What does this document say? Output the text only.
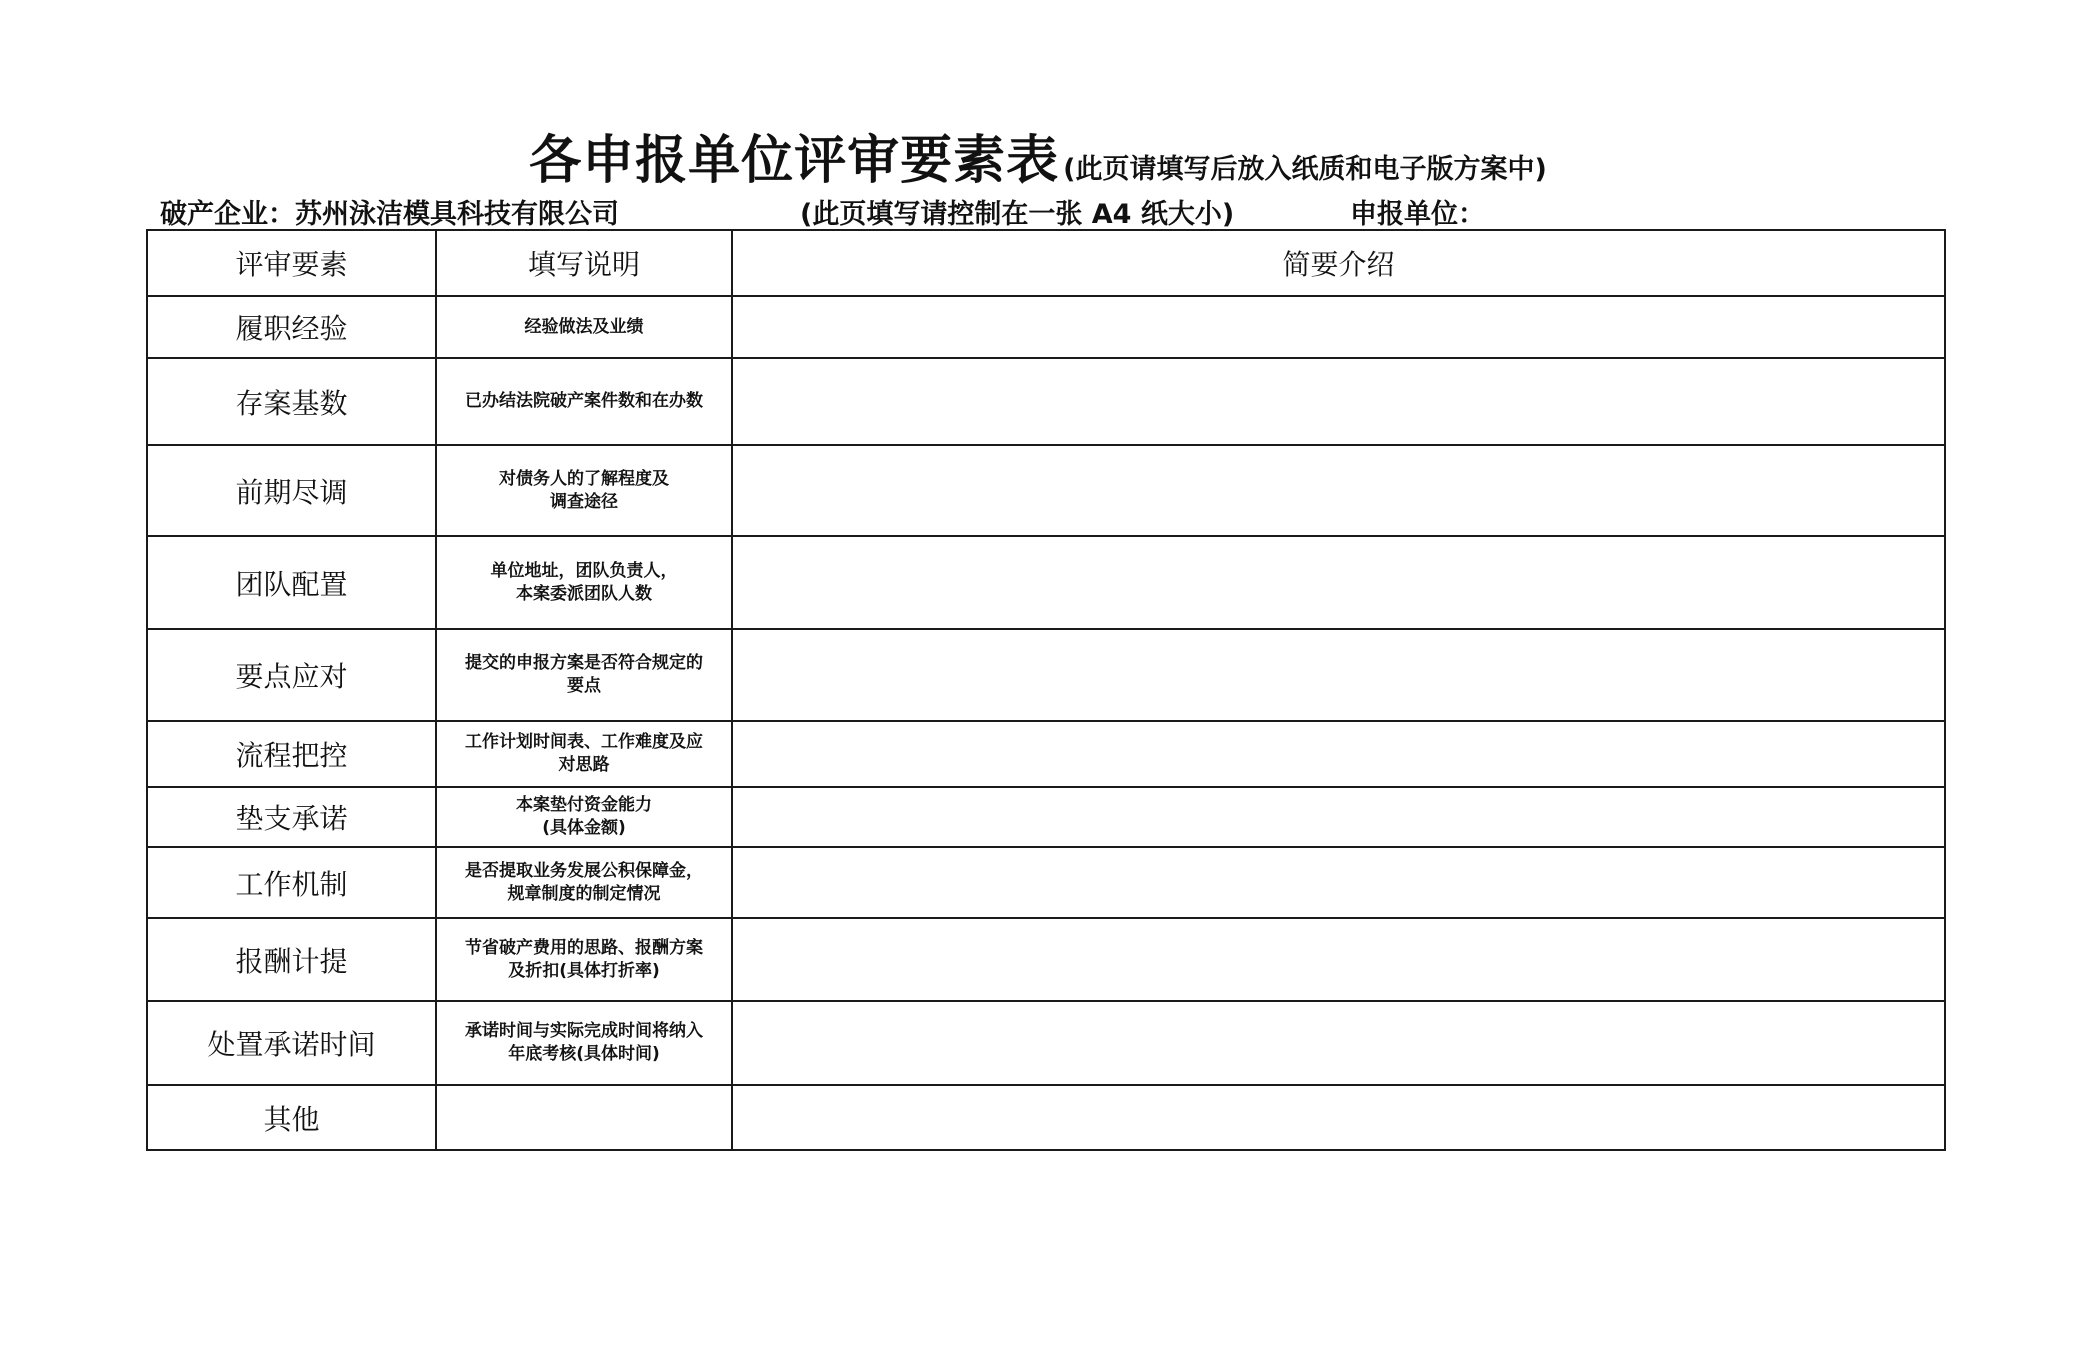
各申报单位评审要素表 (此页请填写后放入纸质和电子版方案中)
破产企业：苏州泳洁模具科技有限公司	(此页填写请控制在一张 A4 纸大小)	申报单位：
评审要素	填写说明	简要介绍
履职经验	经验做法及业绩	

存案基数	已办结法院破产案件数和在办数	

前期尽调	对债务人的了解程度及
调查途径	

团队配置	单位地址，团队负责人，
本案委派团队人数	

要点应对	提交的申报方案是否符合规定的
要点	

流程把控	工作计划时间表、工作难度及应
对思路	

垫支承诺	本案垫付资金能力
(具体金额)	

工作机制	是否提取业务发展公积保障金，
规章制度的制定情况	

报酬计提	节省破产费用的思路、报酬方案
及折扣(具体打折率)	

处置承诺时间	承诺时间与实际完成时间将纳入
年底考核(具体时间)	

其他		
